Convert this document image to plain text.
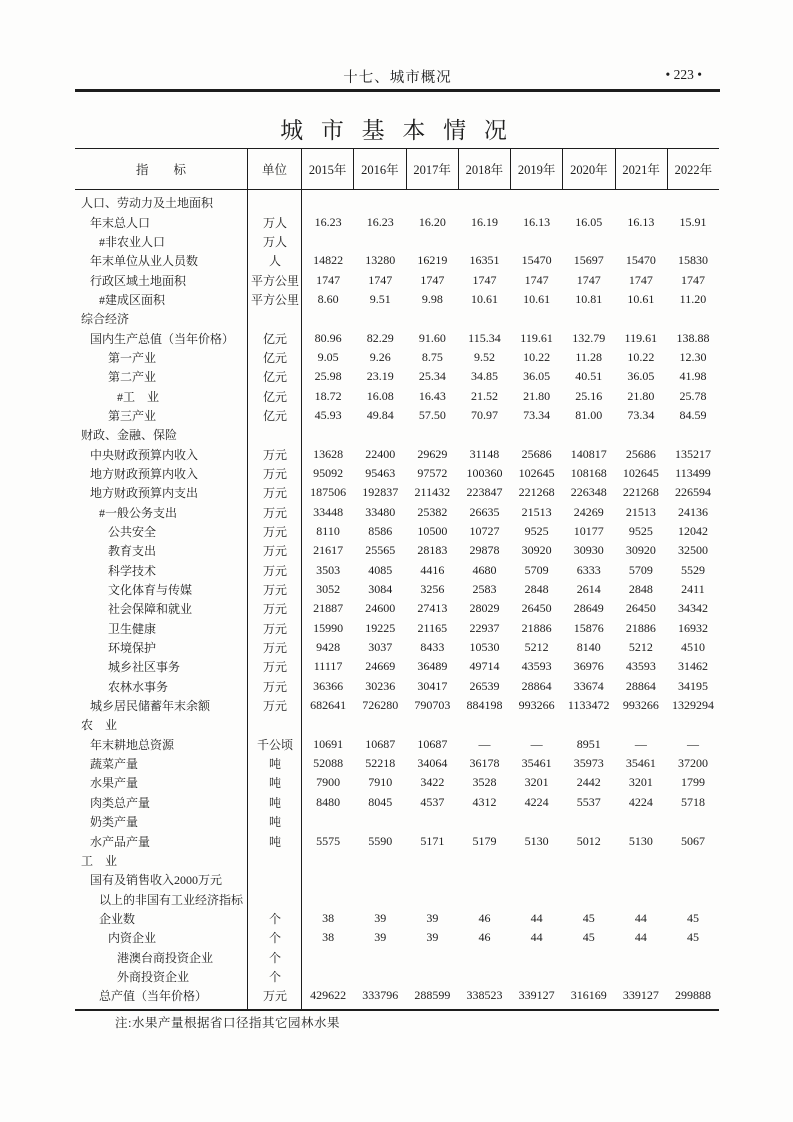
十七、城市概况	• 223 •
城 市 基 本 情 况
指　　标	单位	2015年	2016年	2017年	2018年	2019年	2020年	2021年	2022年
人口、劳动力及土地面积
年末总人口	万人	16.23	16.23	16.20	16.19	16.13	16.05	16.13	15.91
#非农业人口	万人
年末单位从业人员数	人	14822	13280	16219	16351	15470	15697	15470	15830
行政区域土地面积	平方公里	1747	1747	1747	1747	1747	1747	1747	1747
#建成区面积	平方公里	8.60	9.51	9.98	10.61	10.61	10.81	10.61	11.20
综合经济
国内生产总值（当年价格）	亿元	80.96	82.29	91.60	115.34	119.61	132.79	119.61	138.88
第一产业	亿元	9.05	9.26	8.75	9.52	10.22	11.28	10.22	12.30
第二产业	亿元	25.98	23.19	25.34	34.85	36.05	40.51	36.05	41.98
#工　业	亿元	18.72	16.08	16.43	21.52	21.80	25.16	21.80	25.78
第三产业	亿元	45.93	49.84	57.50	70.97	73.34	81.00	73.34	84.59
财政、金融、保险
中央财政预算内收入	万元	13628	22400	29629	31148	25686	140817	25686	135217
地方财政预算内收入	万元	95092	95463	97572	100360	102645	108168	102645	113499
地方财政预算内支出	万元	187506	192837	211432	223847	221268	226348	221268	226594
#一般公务支出	万元	33448	33480	25382	26635	21513	24269	21513	24136
公共安全	万元	8110	8586	10500	10727	9525	10177	9525	12042
教育支出	万元	21617	25565	28183	29878	30920	30930	30920	32500
科学技术	万元	3503	4085	4416	4680	5709	6333	5709	5529
文化体育与传媒	万元	3052	3084	3256	2583	2848	2614	2848	2411
社会保障和就业	万元	21887	24600	27413	28029	26450	28649	26450	34342
卫生健康	万元	15990	19225	21165	22937	21886	15876	21886	16932
环境保护	万元	9428	3037	8433	10530	5212	8140	5212	4510
城乡社区事务	万元	11117	24669	36489	49714	43593	36976	43593	31462
农林水事务	万元	36366	30236	30417	26539	28864	33674	28864	34195
城乡居民储蓄年末余额	万元	682641	726280	790703	884198	993266	1133472	993266	1329294
农　业
年末耕地总资源	千公顷	10691	10687	10687	—	—	8951	—	—
蔬菜产量	吨	52088	52218	34064	36178	35461	35973	35461	37200
水果产量	吨	7900	7910	3422	3528	3201	2442	3201	1799
肉类总产量	吨	8480	8045	4537	4312	4224	5537	4224	5718
奶类产量	吨
水产品产量	吨	5575	5590	5171	5179	5130	5012	5130	5067
工　业
国有及销售收入2000万元
以上的非国有工业经济指标
企业数	个	38	39	39	46	44	45	44	45
内资企业	个	38	39	39	46	44	45	44	45
港澳台商投资企业	个
外商投资企业	个
总产值（当年价格）	万元	429622	333796	288599	338523	339127	316169	339127	299888
注:水果产量根据省口径指其它园林水果
